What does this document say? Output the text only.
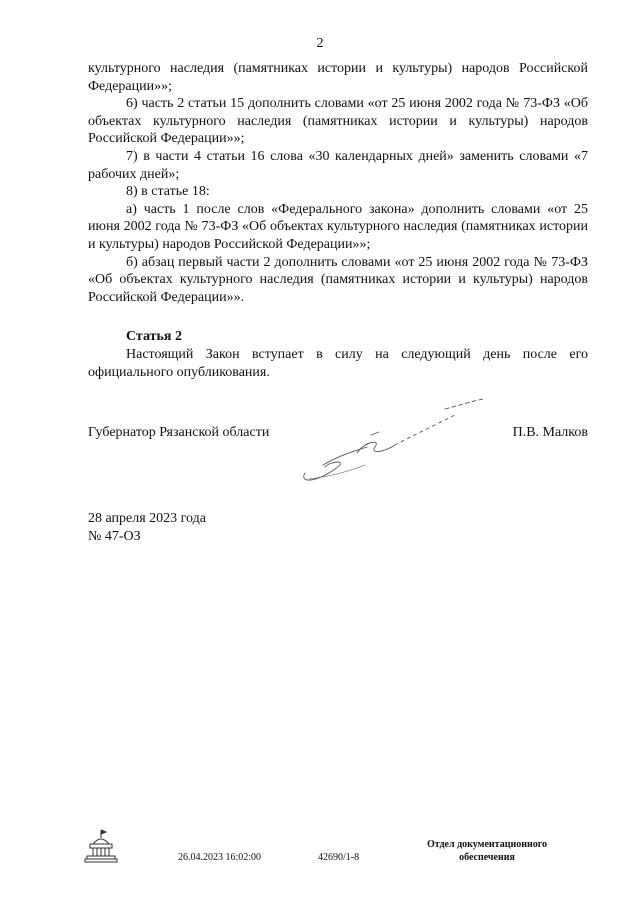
2

культурного наследия (памятниках истории и культуры) народов Российской Федерации»»;

6) часть 2 статьи 15 дополнить словами «от 25 июня 2002 года № 73-ФЗ «Об объектах культурного наследия (памятниках истории и культуры) народов Российской Федерации»»;

7) в части 4 статьи 16 слова «30 календарных дней» заменить словами «7 рабочих дней»;

8) в статье 18:

а) часть 1 после слов «Федерального закона» дополнить словами «от 25 июня 2002 года № 73-ФЗ «Об объектах культурного наследия (памятниках истории и культуры) народов Российской Федерации»»;

б) абзац первый части 2 дополнить словами «от 25 июня 2002 года № 73-ФЗ «Об объектах культурного наследия (памятниках истории и культуры) народов Российской Федерации»».

Статья 2

Настоящий Закон вступает в силу на следующий день после его официального опубликования.

Губернатор Рязанской области	П.В. Малков
28 апреля 2023 года
№ 47-ОЗ
26.04.2023 16:02:00	42690/1-8
Отдел документационного обеспечения
